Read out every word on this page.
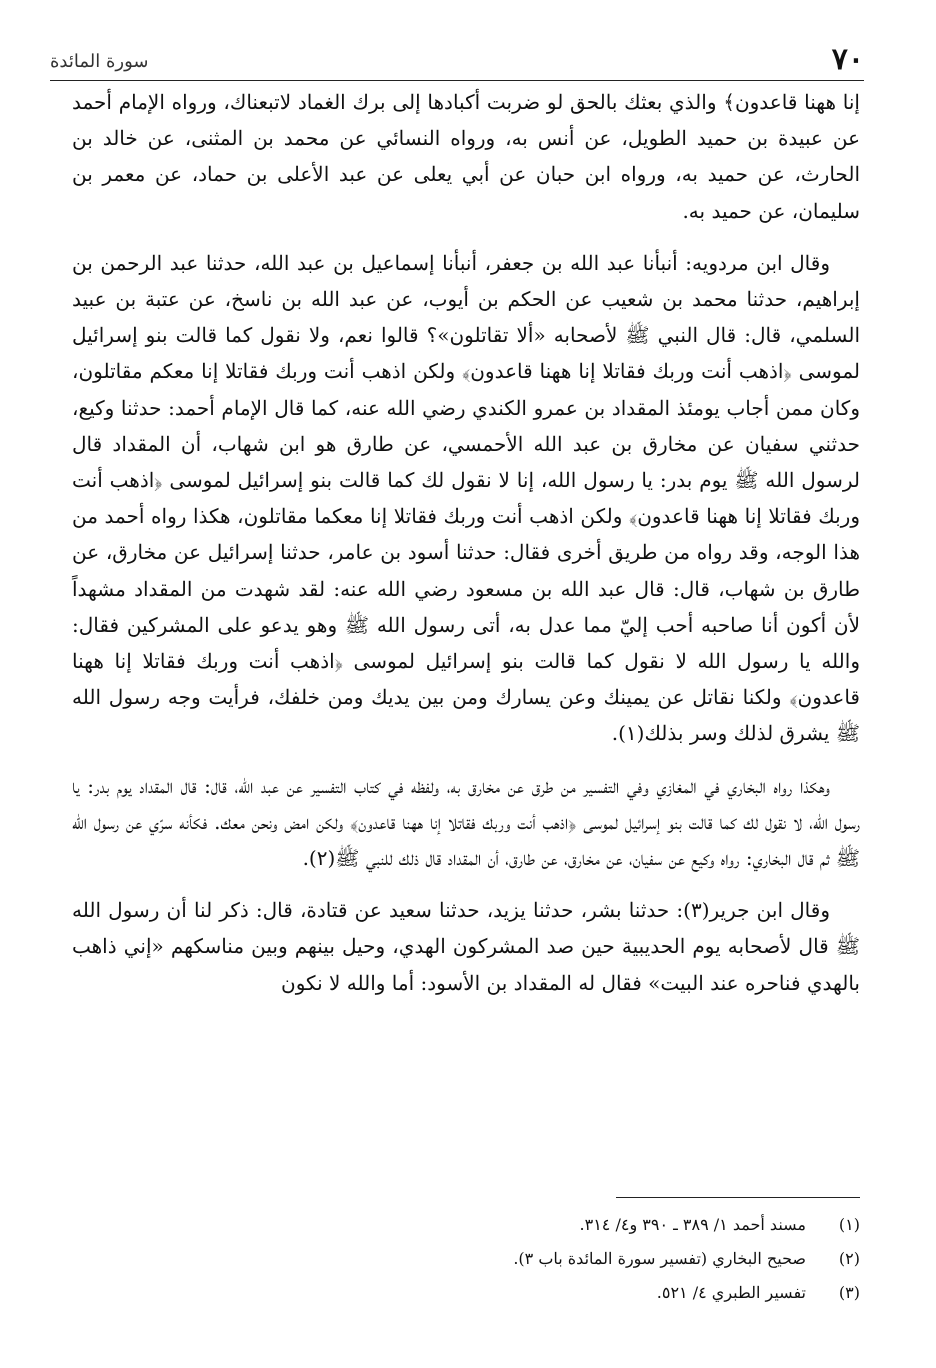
٧٠
سورة المائدة

إنا ههنا قاعدون﴾ والذي بعثك بالحق لو ضربت أكبادها إلى برك الغماد لاتبعناك، ورواه الإمام أحمد عن عبيدة بن حميد الطويل، عن أنس به، ورواه النسائي عن محمد بن المثنى، عن خالد بن الحارث، عن حميد به، ورواه ابن حبان عن أبي يعلى عن عبد الأعلى بن حماد، عن معمر بن سليمان، عن حميد به.

وقال ابن مردويه: أنبأنا عبد الله بن جعفر، أنبأنا إسماعيل بن عبد الله، حدثنا عبد الرحمن بن إبراهيم، حدثنا محمد بن شعيب عن الحكم بن أيوب، عن عبد الله بن ناسخ، عن عتبة بن عبيد السلمي، قال: قال النبي ﷺ لأصحابه «ألا تقاتلون»؟ قالوا نعم، ولا نقول كما قالت بنو إسرائيل لموسى ﴿اذهب أنت وربك فقاتلا إنا ههنا قاعدون﴾ ولكن اذهب أنت وربك فقاتلا إنا معكم مقاتلون، وكان ممن أجاب يومئذ المقداد بن عمرو الكندي رضي الله عنه، كما قال الإمام أحمد: حدثنا وكيع، حدثني سفيان عن مخارق بن عبد الله الأحمسي، عن طارق هو ابن شهاب، أن المقداد قال لرسول الله ﷺ يوم بدر: يا رسول الله، إنا لا نقول لك كما قالت بنو إسرائيل لموسى ﴿اذهب أنت وربك فقاتلا إنا ههنا قاعدون﴾ ولكن اذهب أنت وربك فقاتلا إنا معكما مقاتلون، هكذا رواه أحمد من هذا الوجه، وقد رواه من طريق أخرى فقال: حدثنا أسود بن عامر، حدثنا إسرائيل عن مخارق، عن طارق بن شهاب، قال: قال عبد الله بن مسعود رضي الله عنه: لقد شهدت من المقداد مشهداً لأن أكون أنا صاحبه أحب إليّ مما عدل به، أتى رسول الله ﷺ وهو يدعو على المشركين فقال: والله يا رسول الله لا نقول كما قالت بنو إسرائيل لموسى ﴿اذهب أنت وربك فقاتلا إنا ههنا قاعدون﴾ ولكنا نقاتل عن يمينك وعن يسارك ومن بين يديك ومن خلفك، فرأيت وجه رسول الله ﷺ يشرق لذلك وسر بذلك(١).

وهكذا رواه البخاري في المغازي وفي التفسير من طرق عن مخارق به، ولفظه في كتاب التفسير عن عبد الله، قال: قال المقداد يوم بدر: يا رسول الله، لا نقول لك كما قالت بنو إسرائيل لموسى ﴿اذهب أنت وربك فقاتلا إنا ههنا قاعدون﴾ ولكن امض ونحن معك. فكأنه سرّي عن رسول الله ﷺ ثم قال البخاري: رواه وكيع عن سفيان، عن مخارق، عن طارق، أن المقداد قال ذلك للنبي ﷺ(٢).

وقال ابن جرير(٣): حدثنا بشر، حدثنا يزيد، حدثنا سعيد عن قتادة، قال: ذكر لنا أن رسول الله ﷺ قال لأصحابه يوم الحديبية حين صد المشركون الهدي، وحيل بينهم وبين مناسكهم «إني ذاهب بالهدي فناحره عند البيت» فقال له المقداد بن الأسود: أما والله لا نكون

(١)
مسند أحمد ١/ ٣٨٩ ـ ٣٩٠ و٤/ ٣١٤.
(٢)
صحيح البخاري (تفسير سورة المائدة باب ٣).
(٣)
تفسير الطبري ٤/ ٥٢١.
